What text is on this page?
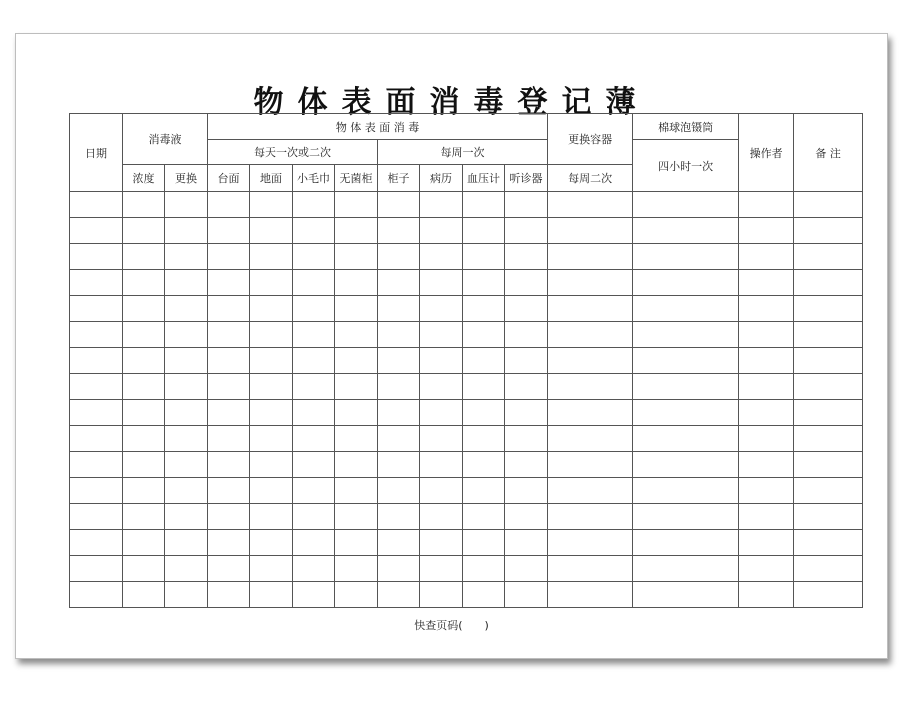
物体表面消毒登记薄
日期	消毒液		物 体 表 面 消 毒								更换容器	棉球泡镊筒	操作者	备 注
			每天一次或二次				每周一次					四小时一次		
	浓度	更换	台面	地面	小毛巾	无菌柜	柜子	病历	血压计	听诊器	每周二次			

快查页码(　　)
